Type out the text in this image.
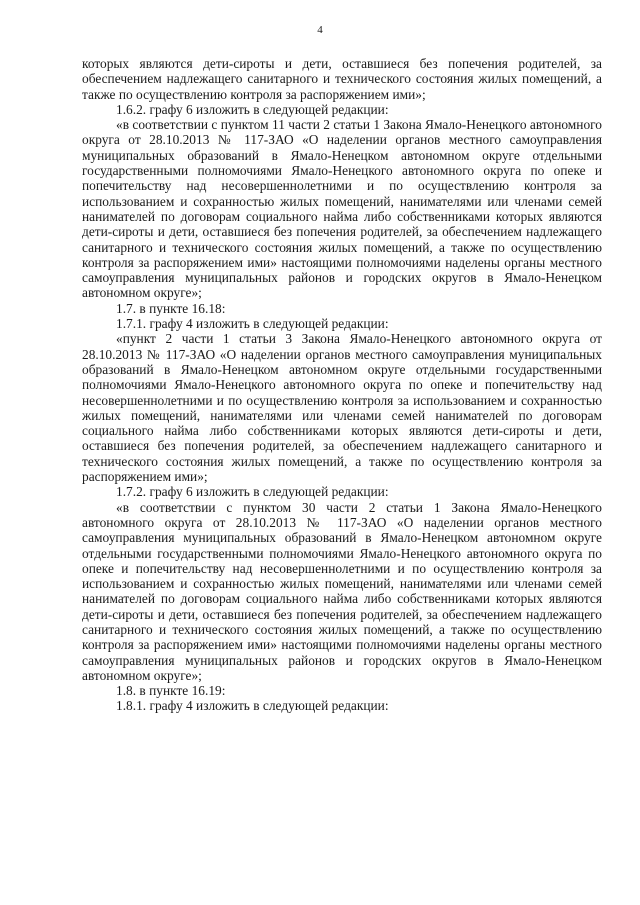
4

которых являются дети-сироты и дети, оставшиеся без попечения родителей, за обеспечением надлежащего санитарного и технического состояния жилых помещений, а также по осуществлению контроля за распоряжением ими»;

1.6.2. графу 6 изложить в следующей редакции:

«в соответствии с пунктом 11 части 2 статьи 1 Закона Ямало-Ненецкого автономного округа от 28.10.2013 № 117-ЗАО «О наделении органов местного самоуправления муниципальных образований в Ямало-Ненецком автономном округе отдельными государственными полномочиями Ямало-Ненецкого автономного округа по опеке и попечительству над несовершеннолетними и по осуществлению контроля за использованием и сохранностью жилых помещений, нанимателями или членами семей нанимателей по договорам социального найма либо собственниками которых являются дети-сироты и дети, оставшиеся без попечения родителей, за обеспечением надлежащего санитарного и технического состояния жилых помещений, а также по осуществлению контроля за распоряжением ими» настоящими полномочиями наделены органы местного самоуправления муниципальных районов и городских округов в Ямало-Ненецком автономном округе»;

1.7. в пункте 16.18:

1.7.1. графу 4 изложить в следующей редакции:

«пункт 2 части 1 статьи 3 Закона Ямало-Ненецкого автономного округа от 28.10.2013 № 117-ЗАО «О наделении органов местного самоуправления муниципальных образований в Ямало-Ненецком автономном округе отдельными государственными полномочиями Ямало-Ненецкого автономного округа по опеке и попечительству над несовершеннолетними и по осуществлению контроля за использованием и сохранностью жилых помещений, нанимателями или членами семей нанимателей по договорам социального найма либо собственниками которых являются дети-сироты и дети, оставшиеся без попечения родителей, за обеспечением надлежащего санитарного и технического состояния жилых помещений, а также по осуществлению контроля за распоряжением ими»;

1.7.2. графу 6 изложить в следующей редакции:

«в соответствии с пунктом 30 части 2 статьи 1 Закона Ямало-Ненецкого автономного округа от 28.10.2013 № 117-ЗАО «О наделении органов местного самоуправления муниципальных образований в Ямало-Ненецком автономном округе отдельными государственными полномочиями Ямало-Ненецкого автономного округа по опеке и попечительству над несовершеннолетними и по осуществлению контроля за использованием и сохранностью жилых помещений, нанимателями или членами семей нанимателей по договорам социального найма либо собственниками которых являются дети-сироты и дети, оставшиеся без попечения родителей, за обеспечением надлежащего санитарного и технического состояния жилых помещений, а также по осуществлению контроля за распоряжением ими» настоящими полномочиями наделены органы местного самоуправления муниципальных районов и городских округов в Ямало-Ненецком автономном округе»;

1.8. в пункте 16.19:

1.8.1. графу 4 изложить в следующей редакции:
